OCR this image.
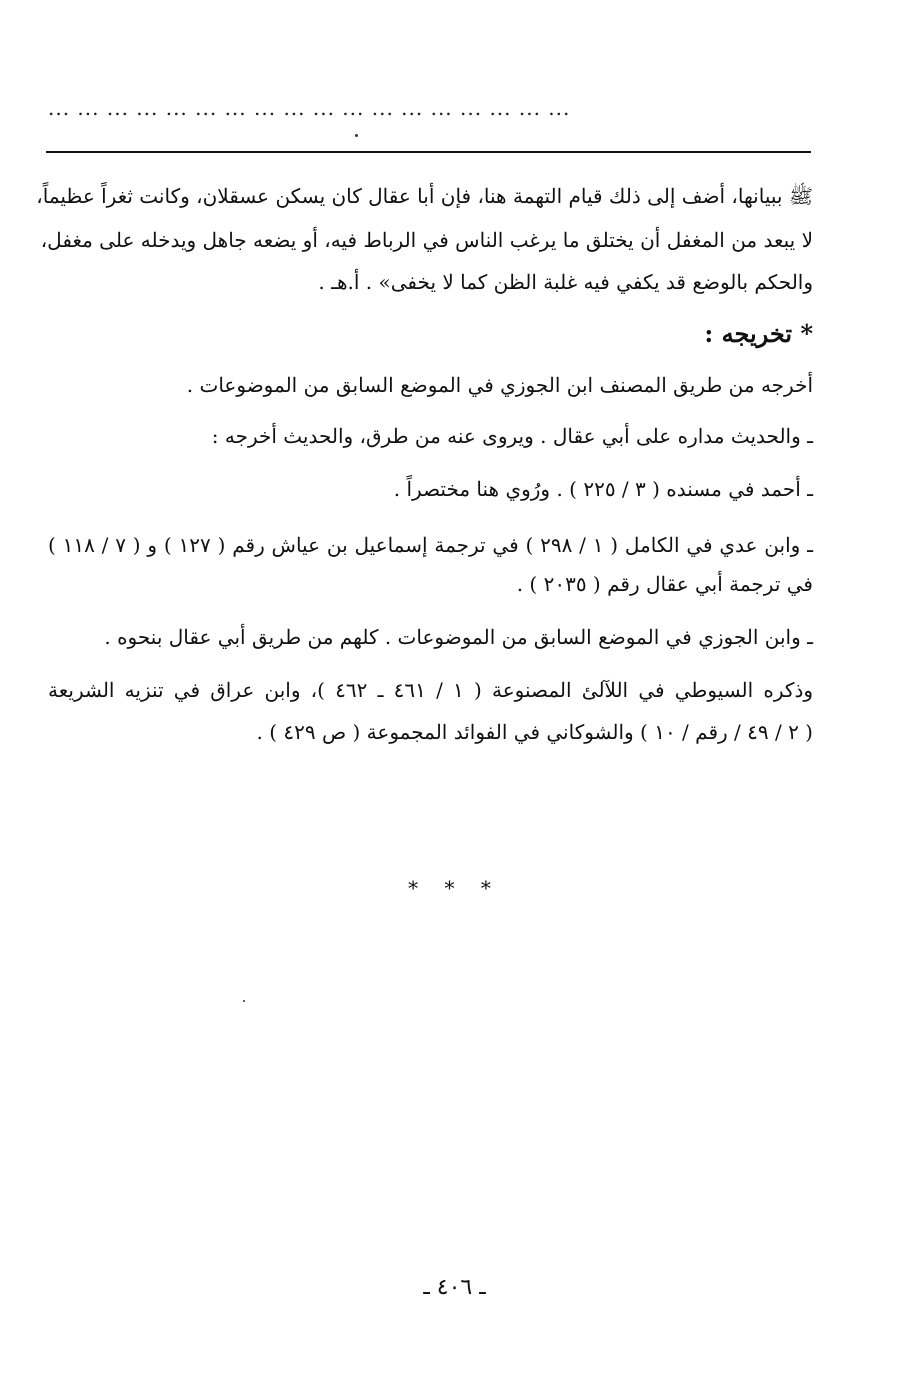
... ... ... ... ... ... ... ... ... ... ... ... ... ... ... ... ... ...
ﷺ ببيانها، أضف إلى ذلك قيام التهمة هنا، فإن أبا عقال كان يسكن عسقلان، وكانت ثغراً عظيماً،
لا يبعد من المغفل أن يختلق ما يرغب الناس في الرباط فيه، أو يضعه جاهل ويدخله على مغفل،
والحكم بالوضع قد يكفي فيه غلبة الظن كما لا يخفى» . أ.هـ .
* تخريجه :
أخرجه من طريق المصنف ابن الجوزي في الموضع السابق من الموضوعات .
ـ والحديث مداره على أبي عقال . ويروى عنه من طرق، والحديث أخرجه :
ـ أحمد في مسنده ( ٣ / ٢٢٥ ) . ورُوي هنا مختصراً .
ـ وابن عدي في الكامل ( ١ / ٢٩٨ ) في ترجمة إسماعيل بن عياش رقم ( ١٢٧ ) و ( ٧ / ١١٨ )
في ترجمة أبي عقال رقم ( ٢٠٣٥ ) .
ـ وابن الجوزي في الموضع السابق من الموضوعات . كلهم من طريق أبي عقال بنحوه .
وذكره السيوطي في اللآلئ المصنوعة ( ١ / ٤٦١ ـ ٤٦٢ )، وابن عراق في تنزيه الشريعة
( ٢ / ٤٩ / رقم / ١٠ ) والشوكاني في الفوائد المجموعة ( ص ٤٢٩ ) .
* * *
ـ ٤٠٦ ـ
